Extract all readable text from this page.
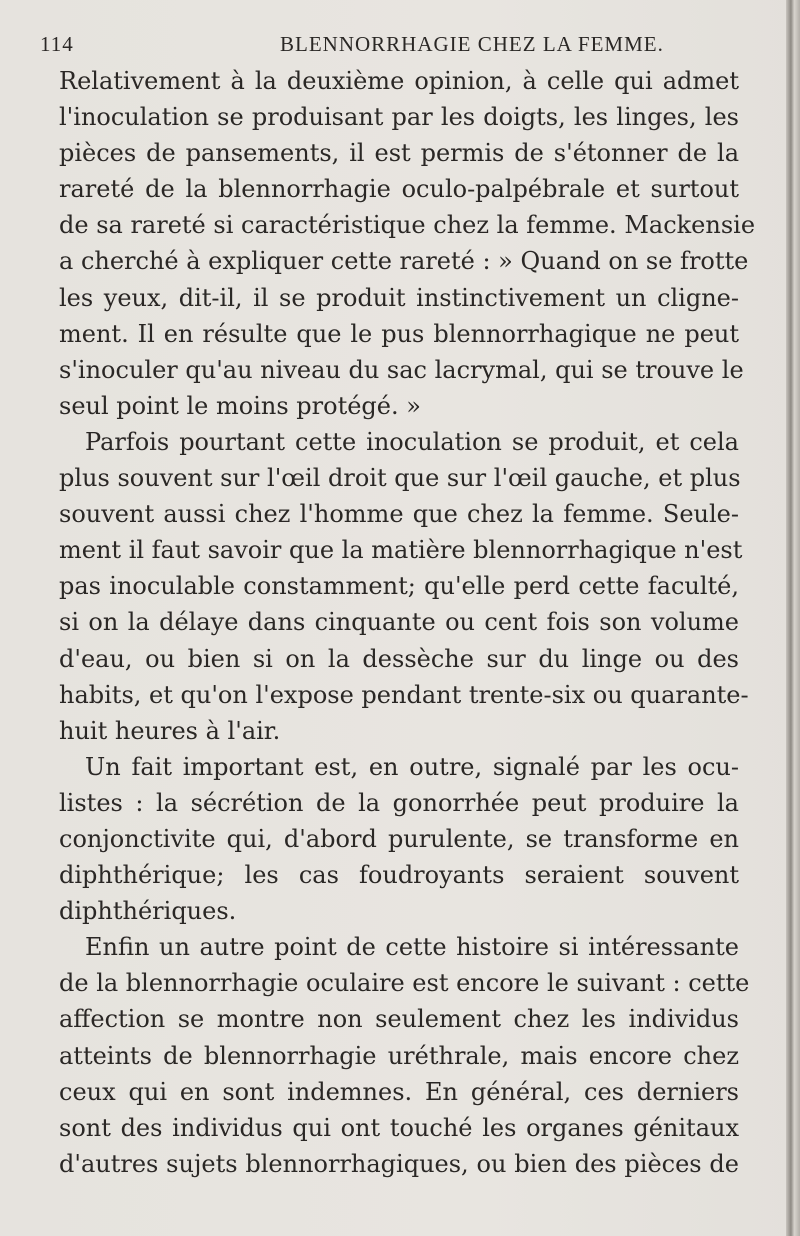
114	BLENNORRHAGIE CHEZ LA FEMME.
Relativement à la deuxième opinion, à celle qui admet
l'inoculation se produisant par les doigts, les linges, les
pièces de pansements, il est permis de s'étonner de la
rareté de la blennorrhagie oculo-palpébrale et surtout
de sa rareté si caractéristique chez la femme. Mackensie
a cherché à expliquer cette rareté : » Quand on se frotte
les yeux, dit-il, il se produit instinctivement un cligne-
ment. Il en résulte que le pus blennorrhagique ne peut
s'inoculer qu'au niveau du sac lacrymal, qui se trouve le
seul point le moins protégé. »
Parfois pourtant cette inoculation se produit, et cela
plus souvent sur l'œil droit que sur l'œil gauche, et plus
souvent aussi chez l'homme que chez la femme. Seule-
ment il faut savoir que la matière blennorrhagique n'est
pas inoculable constamment; qu'elle perd cette faculté,
si on la délaye dans cinquante ou cent fois son volume
d'eau, ou bien si on la dessèche sur du linge ou des
habits, et qu'on l'expose pendant trente-six ou quarante-
huit heures à l'air.
Un fait important est, en outre, signalé par les ocu-
listes : la sécrétion de la gonorrhée peut produire la
conjonctivite qui, d'abord purulente, se transforme en
diphthérique; les cas foudroyants seraient souvent
diphthériques.
Enfin un autre point de cette histoire si intéressante
de la blennorrhagie oculaire est encore le suivant : cette
affection se montre non seulement chez les individus
atteints de blennorrhagie uréthrale, mais encore chez
ceux qui en sont indemnes. En général, ces derniers
sont des individus qui ont touché les organes génitaux
d'autres sujets blennorrhagiques, ou bien des pièces de
